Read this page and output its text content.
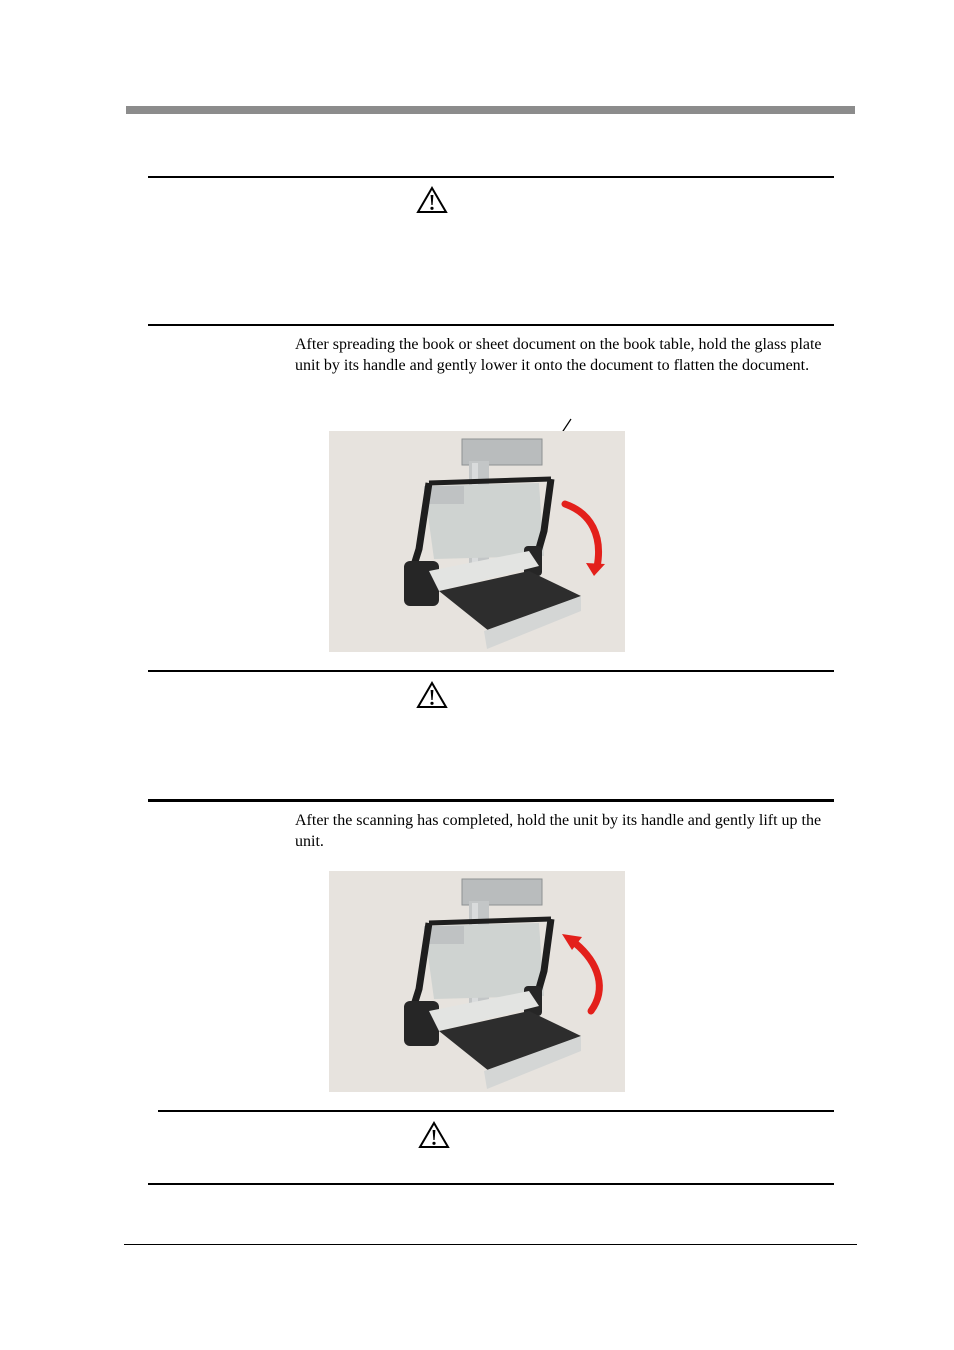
After spreading the book or sheet document on the book table, hold the glass plate unit by its handle and gently lower it onto the document to flatten the document.
After the scanning has completed, hold the unit by its handle and gently lift up the unit.
